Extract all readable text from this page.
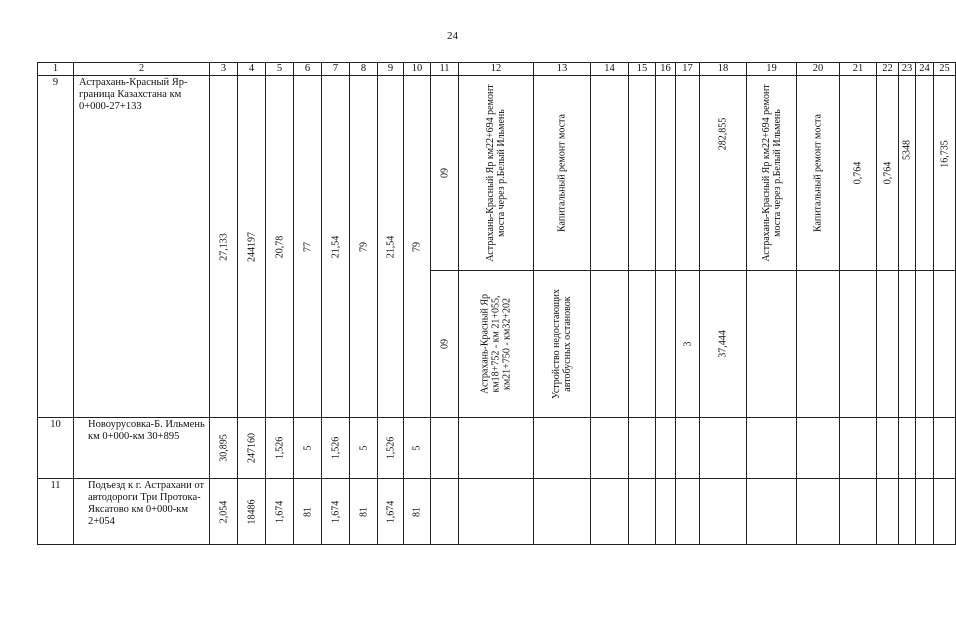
24
1	2	3	4	5	6	7	8	9	10	11	12	13	14	15	16	17	18	19	20	21	22	23	24	25
9	Астрахань-Красный Яр-граница Казахстана км 0+000-27+133	27,133	244197	20,78	77	21,54	79	21,54	79	09	Астрахань-Красный Яр км22+694 ремонт моста через р.Белый Ильмень	Капитальный ремонт моста					282,855	Астрахань-Красный Яр км22+694 ремонт моста через р.Белый Ильмень	Капитальный ремонт моста	0,764	0,764	5348		16,735

										09	Астрахань-Красный Яр км18+752 - км 21+055, км21+750 - км32+202	Устройство недостающих автобусных остановок				3	37,444							

10	Новоурусовка-Б. Ильмень км 0+000-км 30+895	30,895	247160	1,526	5	1,526	5	1,526	5															

11	Подъезд к г. Астрахани от автодороги Три Протока-Яксатово км 0+000-км 2+054	2,054	18486	1,674	81	1,674	81	1,674	81															
